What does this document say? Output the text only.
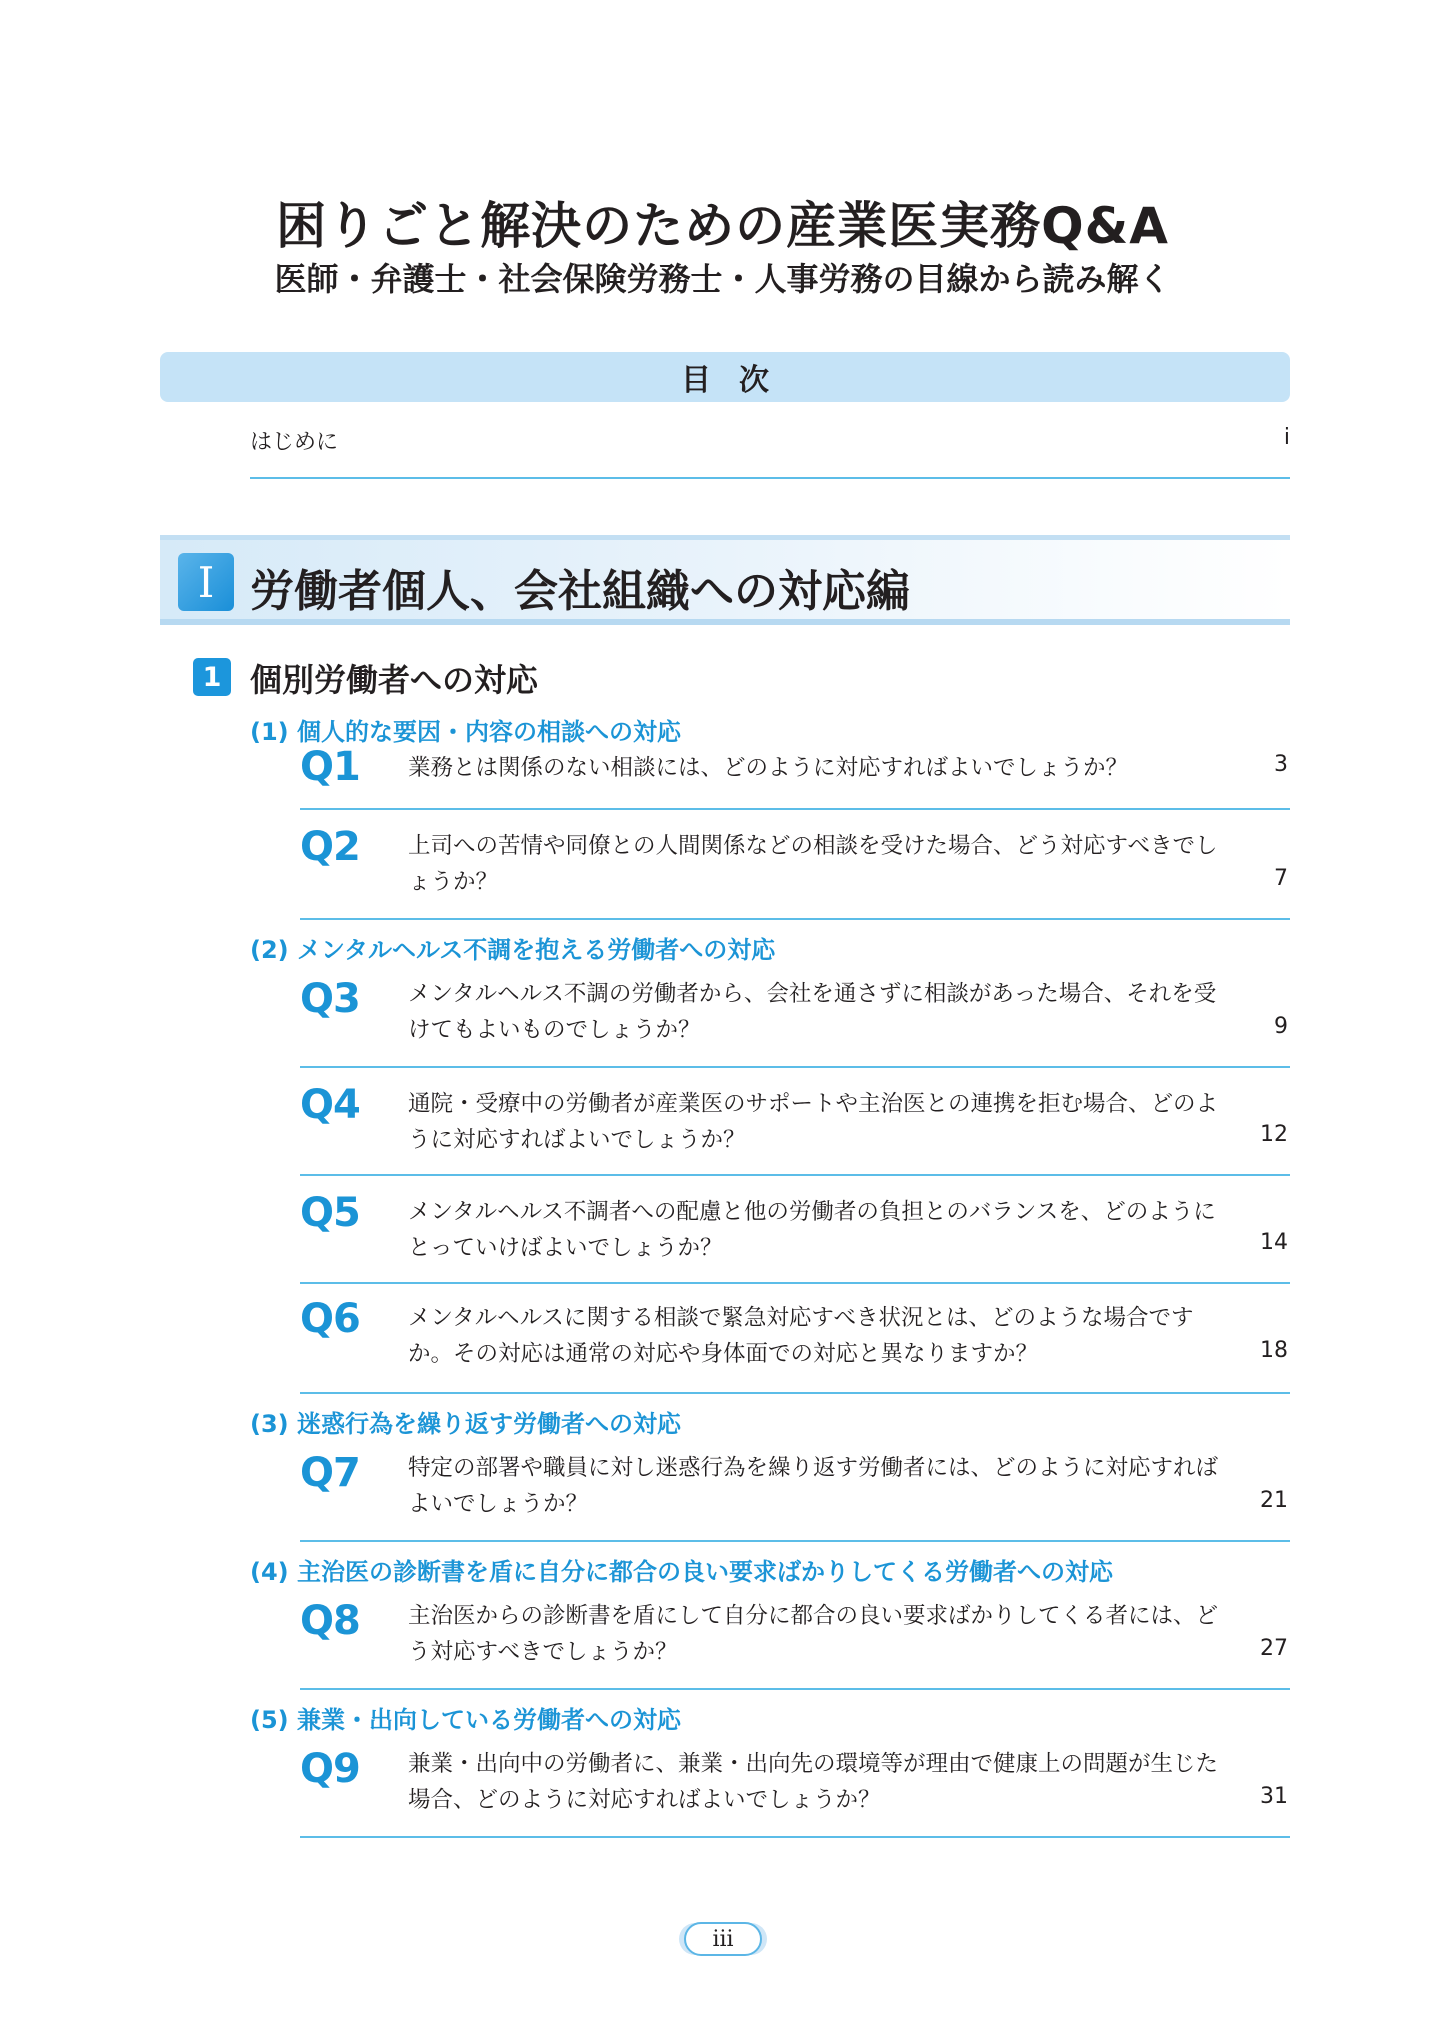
困りごと解決のための産業医実務Q&A
医師・弁護士・社会保険労務士・人事労務の目線から読み解く
目次
はじめに	i
I 労働者個人、会社組織への対応編
1 個別労働者への対応
(1) 個人的な要因・内容の相談への対応
Q1 業務とは関係のない相談には、どのように対応すればよいでしょうか？	3
Q2 上司への苦情や同僚との人間関係などの相談を受けた場合、どう対応すべきでしょうか？	7
(2) メンタルヘルス不調を抱える労働者への対応
Q3 メンタルヘルス不調の労働者から、会社を通さずに相談があった場合、それを受けてもよいものでしょうか？	9
Q4 通院・受療中の労働者が産業医のサポートや主治医との連携を拒む場合、どのように対応すればよいでしょうか？	12
Q5 メンタルヘルス不調者への配慮と他の労働者の負担とのバランスを、どのようにとっていけばよいでしょうか？	14
Q6 メンタルヘルスに関する相談で緊急対応すべき状況とは、どのような場合ですか。その対応は通常の対応や身体面での対応と異なりますか？	18
(3) 迷惑行為を繰り返す労働者への対応
Q7 特定の部署や職員に対し迷惑行為を繰り返す労働者には、どのように対応すればよいでしょうか？	21
(4) 主治医の診断書を盾に自分に都合の良い要求ばかりしてくる労働者への対応
Q8 主治医からの診断書を盾にして自分に都合の良い要求ばかりしてくる者には、どう対応すべきでしょうか？	27
(5) 兼業・出向している労働者への対応
Q9 兼業・出向中の労働者に、兼業・出向先の環境等が理由で健康上の問題が生じた場合、どのように対応すればよいでしょうか？	31
iii
